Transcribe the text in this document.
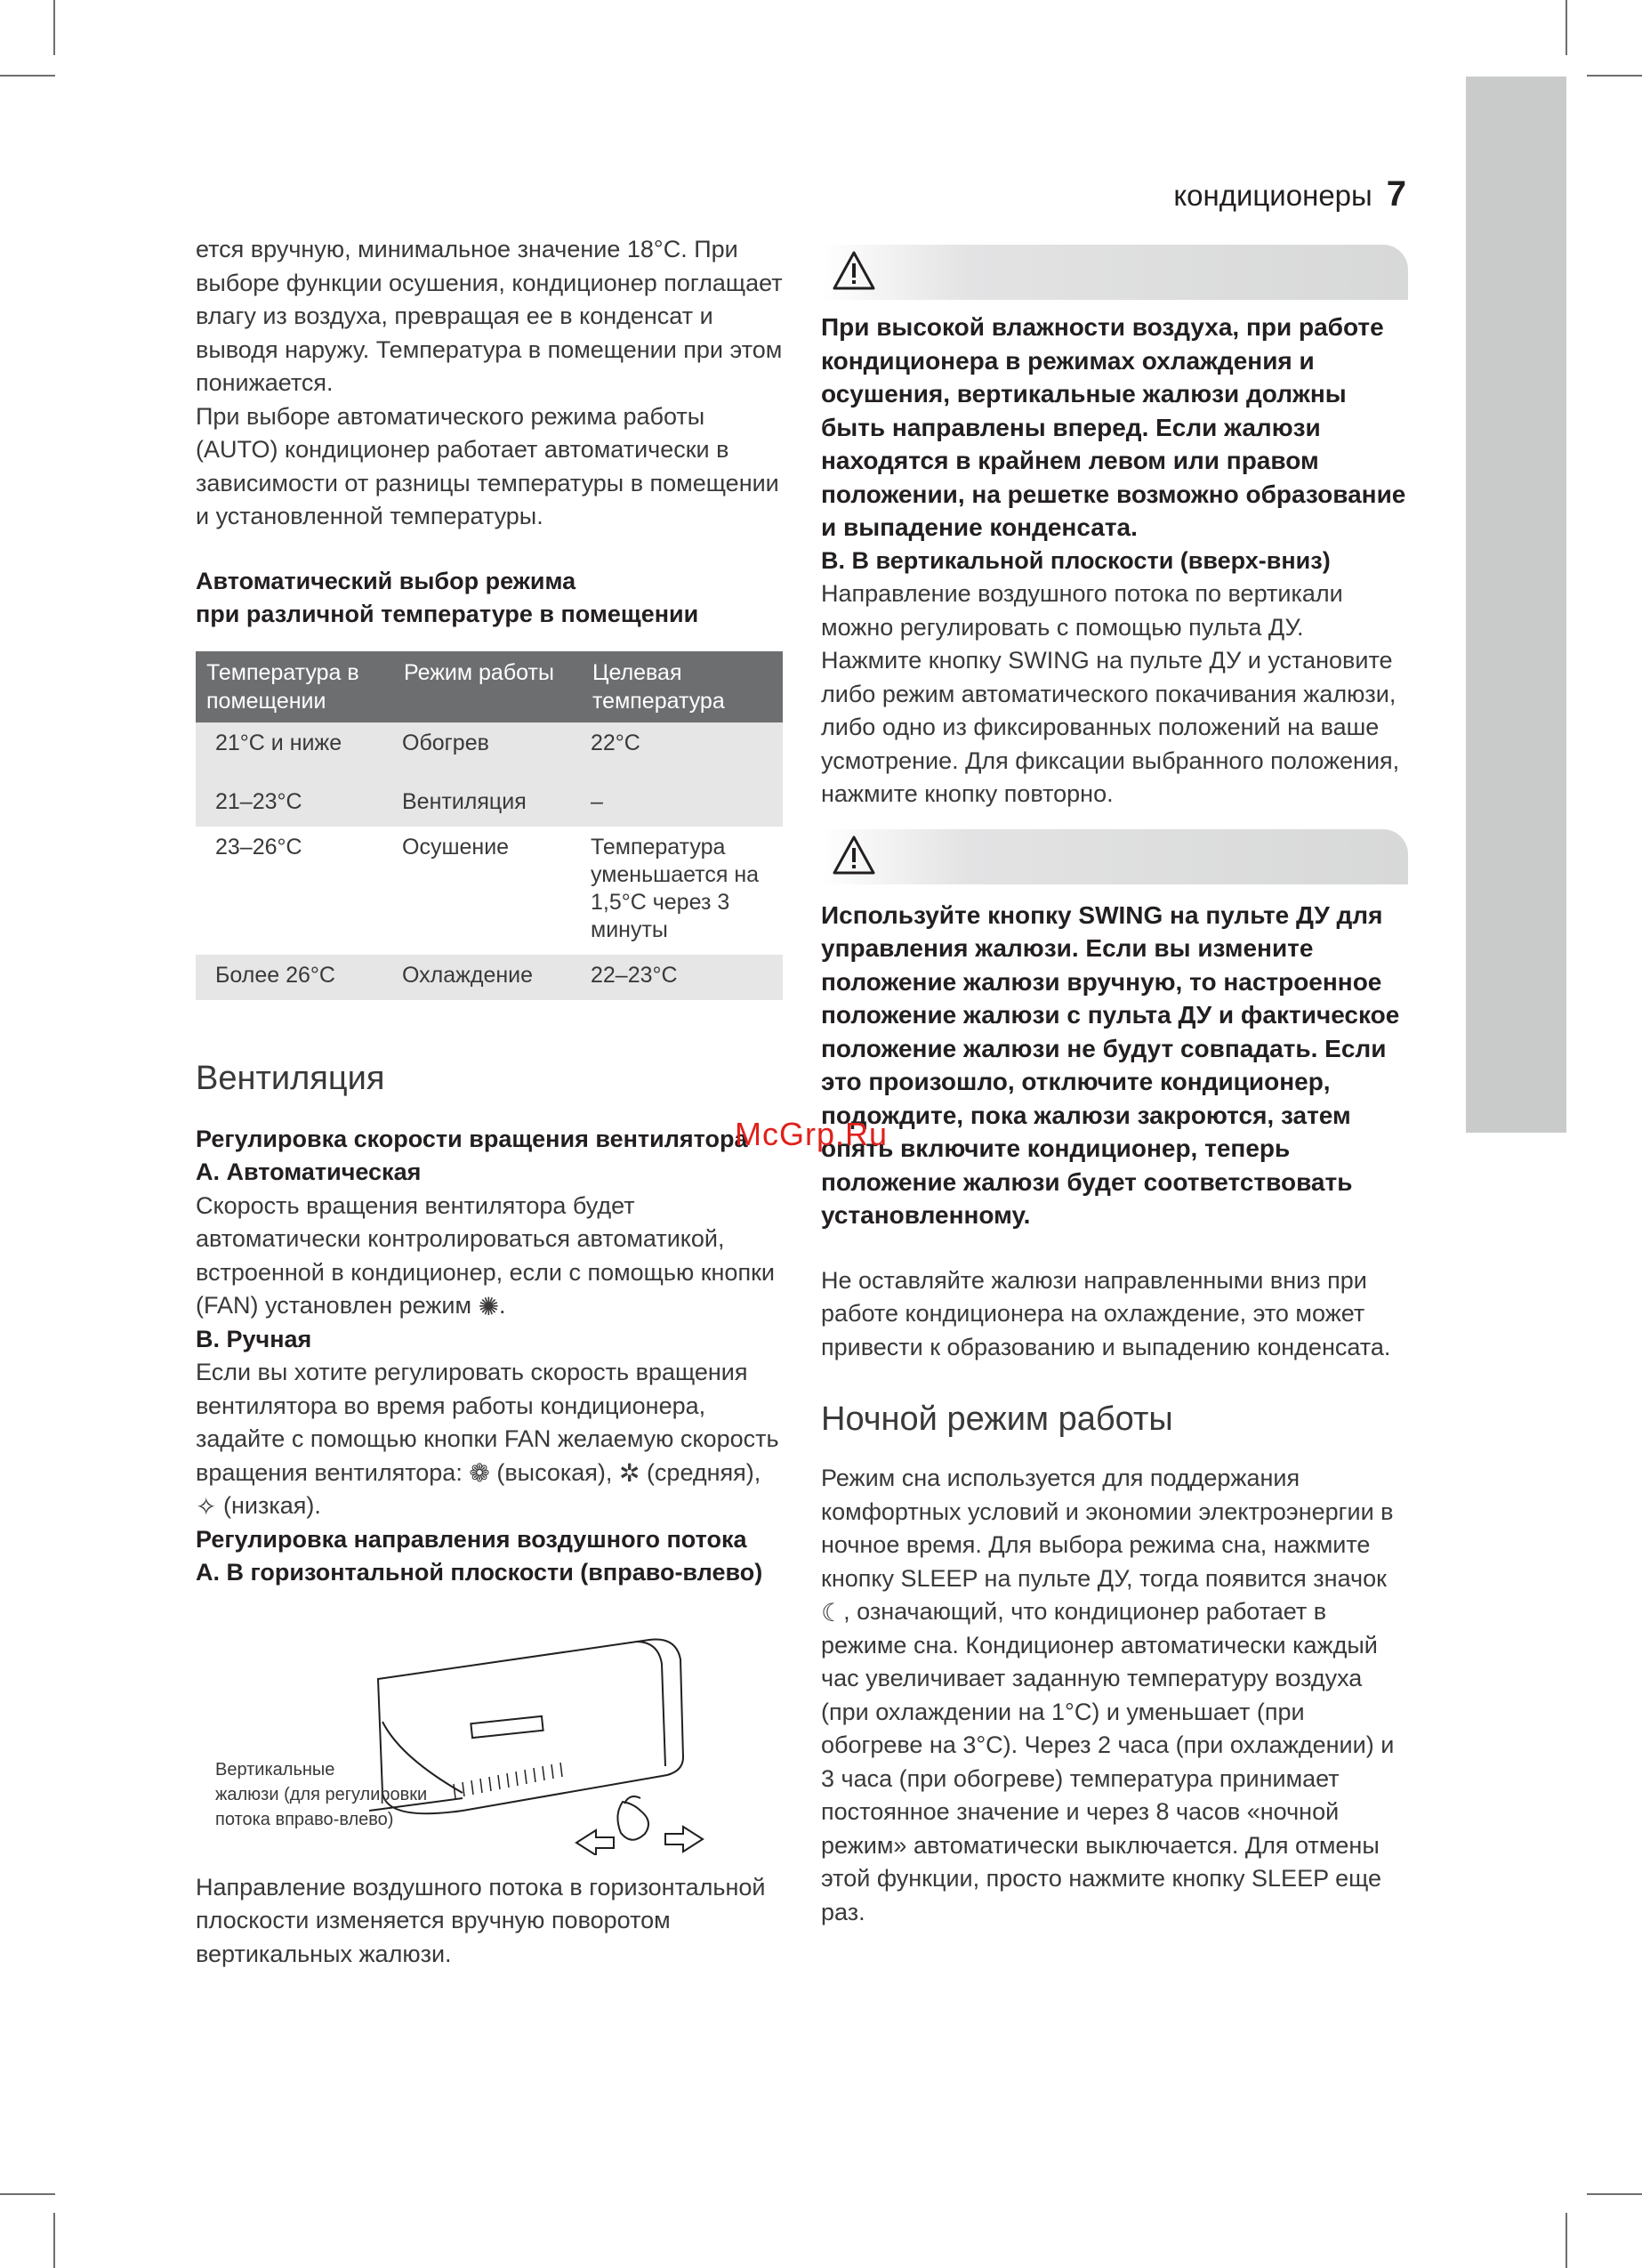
кондиционеры 7

ется вручную, минимальное значение 18°C. При выборе функции осушения, кондиционер поглащает влагу из воздуха, превращая ее в конденсат и выводя наружу. Температура в помещении при этом понижается.

При выборе автоматического режима работы (AUTO) кондиционер работает автоматически в зависимости от разницы температуры в помещении и установленной температуры.

Автоматический выбор режима

при различной температуре в помещении

Температура в помещении	Режим работы	Целевая температура
21°C и ниже	Обогрев	22°C
21–23°C	Вентиляция	–
23–26°C	Осушение	Температура уменьшается на 1,5°C через 3 минуты
Более 26°C	Охлаждение	22–23°C

Вентиляция

Регулировка скорости вращения вентилятора

A. Автоматическая

Скорость вращения вентилятора будет автоматически контролироваться автоматикой, встроенной в кондиционер, если с помощью кнопки (FAN) установлен режим ✺.

B. Ручная

Если вы хотите регулировать скорость вращения вентилятора во время работы кондиционера, задайте с помощью кнопки FAN желаемую скорость вращения вентилятора: ❁ (высокая), ✲ (средняя), ✧ (низкая).

Регулировка направления воздушного потока

A. В горизонтальной плоскости (вправо-влево)

Вертикальные
жалюзи (для регулировки
потока вправо-влево)

Направление воздушного потока в горизонтальной плоскости изменяется вручную поворотом вертикальных жалюзи.

При высокой влажности воздуха, при работе кондиционера в режимах охлаждения и осушения, вертикальные жалюзи должны быть направлены вперед. Если жалюзи находятся в крайнем левом или правом положении, на решетке возможно образование и выпадение конденсата.

B. В вертикальной плоскости (вверх-вниз)

Направление воздушного потока по вертикали можно регулировать с помощью пульта ДУ. Нажмите кнопку SWING на пульте ДУ и установите либо режим автоматического покачивания жалюзи, либо одно из фиксированных положений на ваше усмотрение. Для фиксации выбранного положения, нажмите кнопку повторно.

Используйте кнопку SWING на пульте ДУ для управления жалюзи. Если вы измените положение жалюзи вручную, то настроенное положение жалюзи с пульта ДУ и фактическое положение жалюзи не будут совпадать. Если это произошло, отключите кондиционер, подождите, пока жалюзи закроются, затем опять включите кондиционер, теперь положение жалюзи будет соответствовать установленному.

Не оставляйте жалюзи направленными вниз при работе кондиционера на охлаждение, это может привести к образованию и выпадению конденсата.

Ночной режим работы

Режим сна используется для поддержания комфортных условий и экономии электроэнергии в ночное время. Для выбора режима сна, нажмите кнопку SLEEP на пульте ДУ, тогда появится значок ☾, означающий, что кондиционер работает в режиме сна. Кондиционер автоматически каждый час увеличивает заданную температуру воздуха (при охлаждении на 1°C) и уменьшает (при обогреве на 3°C). Через 2 часа (при охлаждении) и 3 часа (при обогреве) температура принимает постоянное значение и через 8 часов «ночной режим» автоматически выключается. Для отмены этой функции, просто нажмите кнопку SLEEP еще раз.

McGrp.Ru
